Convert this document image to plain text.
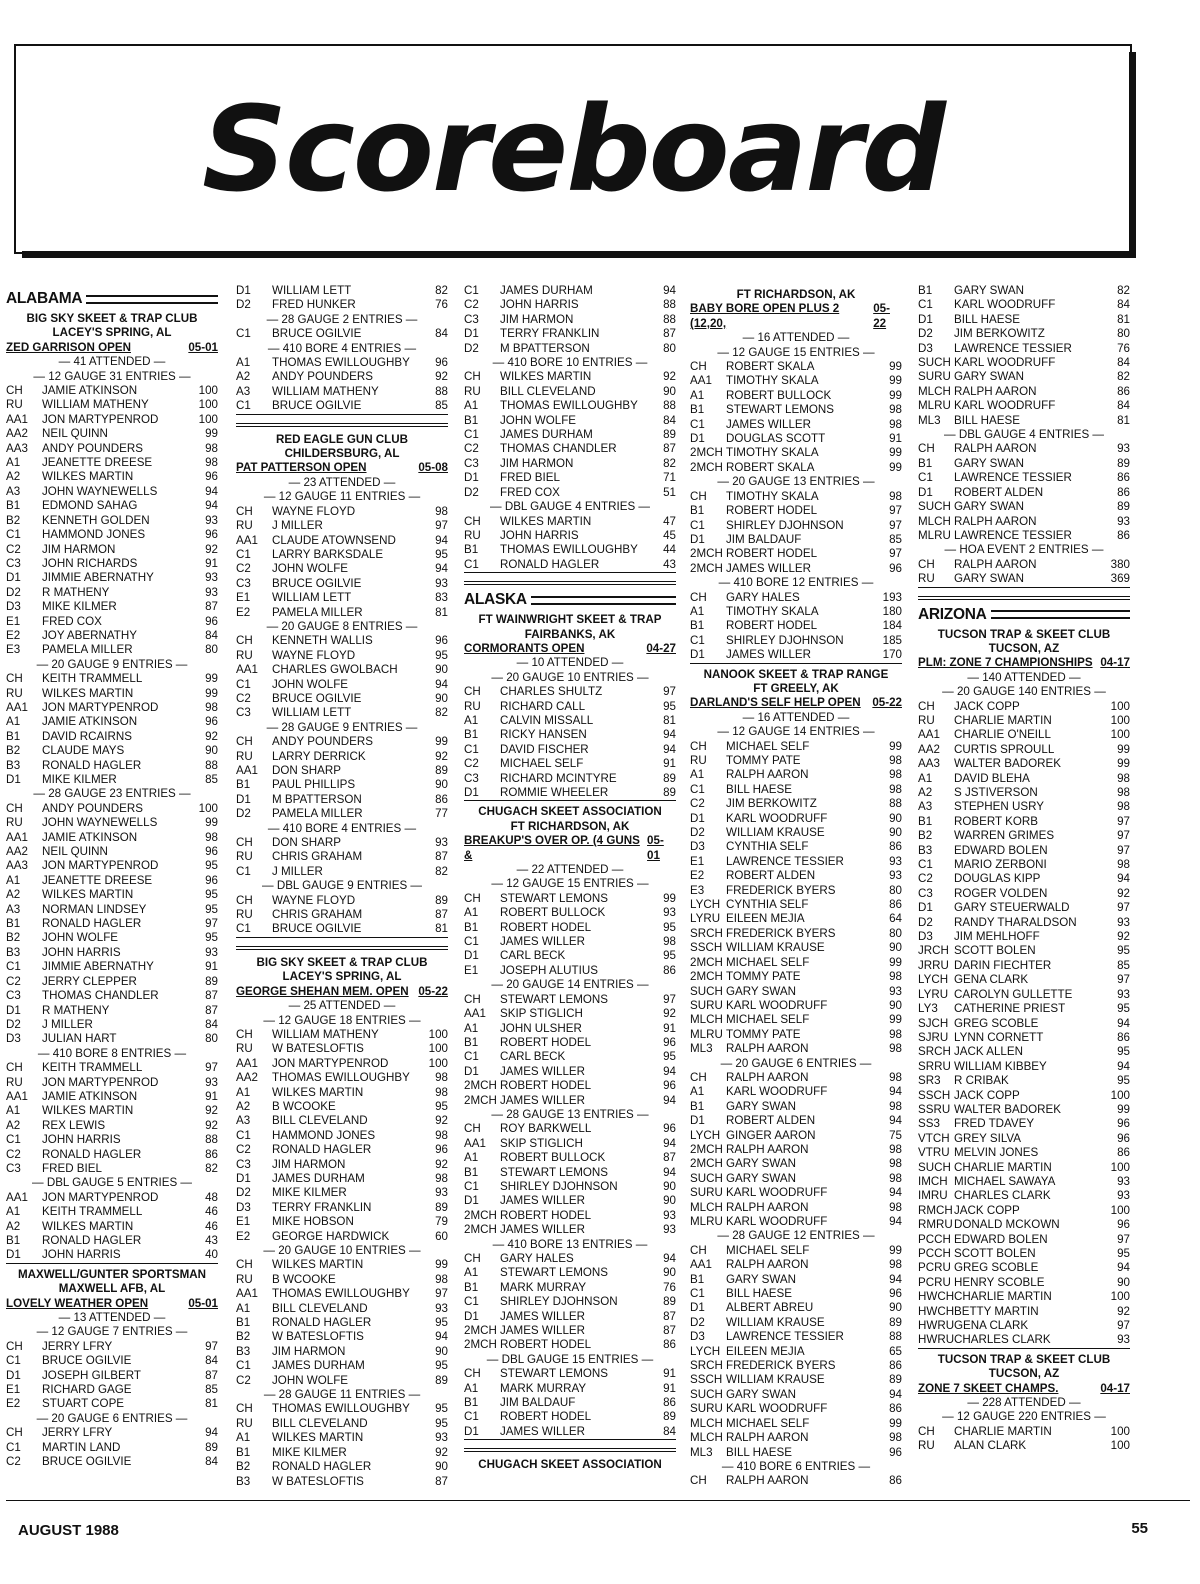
Scoreboard
ALABAMA
BIG SKY SKEET & TRAP CLUB
LACEY'S SPRING, AL
ZED GARRISON OPEN	05-01
— 41 ATTENDED —
— 12 GAUGE 31 ENTRIES —
CH	JAMIE ATKINSON	100
RU	WILLIAM MATHENY	100
AA1	JON MARTYPENROD	100
AA2	NEIL QUINN	99
AA3	ANDY POUNDERS	98
A1	JEANETTE DREESE	98
A2	WILKES MARTIN	96
A3	JOHN WAYNEWELLS	94
B1	EDMOND SAHAG	94
B2	KENNETH GOLDEN	93
C1	HAMMOND JONES	96
C2	JIM HARMON	92
C3	JOHN RICHARDS	91
D1	JIMMIE ABERNATHY	93
D2	R MATHENY	93
D3	MIKE KILMER	87
E1	FRED COX	96
E2	JOY ABERNATHY	84
E3	PAMELA MILLER	80
— 20 GAUGE 9 ENTRIES —
CH	KEITH TRAMMELL	99
RU	WILKES MARTIN	99
AA1	JON MARTYPENROD	98
A1	JAMIE ATKINSON	96
B1	DAVID RCAIRNS	92
B2	CLAUDE MAYS	90
B3	RONALD HAGLER	88
D1	MIKE KILMER	85
— 28 GAUGE 23 ENTRIES —
CH	ANDY POUNDERS	100
RU	JOHN WAYNEWELLS	99
AA1	JAMIE ATKINSON	98
AA2	NEIL QUINN	96
AA3	JON MARTYPENROD	95
A1	JEANETTE DREESE	96
A2	WILKES MARTIN	95
A3	NORMAN LINDSEY	95
B1	RONALD HAGLER	97
B2	JOHN WOLFE	95
B3	JOHN HARRIS	93
C1	JIMMIE ABERNATHY	91
C2	JERRY CLEPPER	89
C3	THOMAS CHANDLER	87
D1	R MATHENY	87
D2	J MILLER	84
D3	JULIAN HART	80
— 410 BORE 8 ENTRIES —
CH	KEITH TRAMMELL	97
RU	JON MARTYPENROD	93
AA1	JAMIE ATKINSON	91
A1	WILKES MARTIN	92
A2	REX LEWIS	92
C1	JOHN HARRIS	88
C2	RONALD HAGLER	86
C3	FRED BIEL	82
— DBL GAUGE 5 ENTRIES —
AA1	JON MARTYPENROD	48
A1	KEITH TRAMMELL	46
A2	WILKES MARTIN	46
B1	RONALD HAGLER	43
D1	JOHN HARRIS	40
MAXWELL/GUNTER SPORTSMAN
MAXWELL AFB, AL
LOVELY WEATHER OPEN	05-01
— 13 ATTENDED —
— 12 GAUGE 7 ENTRIES —
CH	JERRY LFRY	97
C1	BRUCE OGILVIE	84
D1	JOSEPH GILBERT	87
E1	RICHARD GAGE	85
E2	STUART COPE	81
— 20 GAUGE 6 ENTRIES —
CH	JERRY LFRY	94
C1	MARTIN LAND	89
C2	BRUCE OGILVIE	84
D1	WILLIAM LETT	82
D2	FRED HUNKER	76
— 28 GAUGE 2 ENTRIES —
C1	BRUCE OGILVIE	84
— 410 BORE 4 ENTRIES —
A1	THOMAS EWILLOUGHBY	96
A2	ANDY POUNDERS	92
A3	WILLIAM MATHENY	88
C1	BRUCE OGILVIE	85
RED EAGLE GUN CLUB
CHILDERSBURG, AL
PAT PATTERSON OPEN	05-08
— 23 ATTENDED —
— 12 GAUGE 11 ENTRIES —
CH	WAYNE FLOYD	98
RU	J MILLER	97
AA1	CLAUDE ATOWNSEND	94
C1	LARRY BARKSDALE	95
C2	JOHN WOLFE	94
C3	BRUCE OGILVIE	93
E1	WILLIAM LETT	83
E2	PAMELA MILLER	81
— 20 GAUGE 8 ENTRIES —
CH	KENNETH WALLIS	96
RU	WAYNE FLOYD	95
AA1	CHARLES GWOLBACH	90
C1	JOHN WOLFE	94
C2	BRUCE OGILVIE	90
C3	WILLIAM LETT	82
— 28 GAUGE 9 ENTRIES —
CH	ANDY POUNDERS	99
RU	LARRY DERRICK	92
AA1	DON SHARP	89
B1	PAUL PHILLIPS	90
D1	M BPATTERSON	86
D2	PAMELA MILLER	77
— 410 BORE 4 ENTRIES —
CH	DON SHARP	93
RU	CHRIS GRAHAM	87
C1	J MILLER	82
— DBL GAUGE 9 ENTRIES —
CH	WAYNE FLOYD	89
RU	CHRIS GRAHAM	87
C1	BRUCE OGILVIE	81
BIG SKY SKEET & TRAP CLUB
LACEY'S SPRING, AL
GEORGE SHEHAN MEM. OPEN 05-22
— 25 ATTENDED —
— 12 GAUGE 18 ENTRIES —
CH	WILLIAM MATHENY	100
RU	W BATESLOFTIS	100
AA1	JON MARTYPENROD	100
AA2	THOMAS EWILLOUGHBY	98
A1	WILKES MARTIN	98
A2	B WCOOKE	95
A3	BILL CLEVELAND	92
C1	HAMMOND JONES	98
C2	RONALD HAGLER	96
C3	JIM HARMON	92
D1	JAMES DURHAM	98
D2	MIKE KILMER	93
D3	TERRY FRANKLIN	89
E1	MIKE HOBSON	79
E2	GEORGE HARDWICK	60
— 20 GAUGE 10 ENTRIES —
CH	WILKES MARTIN	99
RU	B WCOOKE	98
AA1	THOMAS EWILLOUGHBY	97
A1	BILL CLEVELAND	93
B1	RONALD HAGLER	95
B2	W BATESLOFTIS	94
B3	JIM HARMON	90
C1	JAMES DURHAM	95
C2	JOHN WOLFE	89
— 28 GAUGE 11 ENTRIES —
CH	THOMAS EWILLOUGHBY	95
RU	BILL CLEVELAND	95
A1	WILKES MARTIN	93
B1	MIKE KILMER	92
B2	RONALD HAGLER	90
B3	W BATESLOFTIS	87
C1	JAMES DURHAM	94
C2	JOHN HARRIS	88
C3	JIM HARMON	88
D1	TERRY FRANKLIN	87
D2	M BPATTERSON	80
— 410 BORE 10 ENTRIES —
CH	WILKES MARTIN	92
RU	BILL CLEVELAND	90
A1	THOMAS EWILLOUGHBY	88
B1	JOHN WOLFE	84
C1	JAMES DURHAM	89
C2	THOMAS CHANDLER	87
C3	JIM HARMON	82
D1	FRED BIEL	71
D2	FRED COX	51
— DBL GAUGE 4 ENTRIES —
CH	WILKES MARTIN	47
RU	JOHN HARRIS	45
B1	THOMAS EWILLOUGHBY	44
C1	RONALD HAGLER	43
ALASKA
FT WAINWRIGHT SKEET & TRAP
FAIRBANKS, AK
CORMORANTS OPEN	04-27
— 10 ATTENDED —
— 20 GAUGE 10 ENTRIES —
CH	CHARLES SHULTZ	97
RU	RICHARD CALL	95
A1	CALVIN MISSALL	81
B1	RICKY HANSEN	94
C1	DAVID FISCHER	94
C2	MICHAEL SELF	91
C3	RICHARD MCINTYRE	89
D1	ROMMIE WHEELER	89
CHUGACH SKEET ASSOCIATION
FT RICHARDSON, AK
BREAKUP'S OVER OP. (4 GUNS &
05-01
— 22 ATTENDED —
— 12 GAUGE 15 ENTRIES —
CH	STEWART LEMONS	99
A1	ROBERT BULLOCK	93
B1	ROBERT HODEL	95
C1	JAMES WILLER	98
D1	CARL BECK	95
E1	JOSEPH ALUTIUS	86
— 20 GAUGE 14 ENTRIES —
CH	STEWART LEMONS	97
AA1	SKIP STIGLICH	92
A1	JOHN ULSHER	91
B1	ROBERT HODEL	96
C1	CARL BECK	95
D1	JAMES WILLER	94
2MCH ROBERT HODEL	96
2MCH JAMES WILLER	94
— 28 GAUGE 13 ENTRIES —
CH	ROY BARKWELL	96
AA1	SKIP STIGLICH	94
A1	ROBERT BULLOCK	87
B1	STEWART LEMONS	94
C1	SHIRLEY DJOHNSON	90
D1	JAMES WILLER	90
2MCH ROBERT HODEL	93
2MCH JAMES WILLER	93
— 410 BORE 13 ENTRIES —
CH	GARY HALES	94
A1	STEWART LEMONS	90
B1	MARK MURRAY	76
C1	SHIRLEY DJOHNSON	89
D1	JAMES WILLER	87
2MCH JAMES WILLER	87
2MCH ROBERT HODEL	86
— DBL GAUGE 15 ENTRIES —
CH	STEWART LEMONS	91
A1	MARK MURRAY	91
B1	JIM BALDAUF	86
C1	ROBERT HODEL	89
D1	JAMES WILLER	84
CHUGACH SKEET ASSOCIATION
FT RICHARDSON, AK
BABY BORE OPEN PLUS 2 (12,20,
05-22
— 16 ATTENDED —
— 12 GAUGE 15 ENTRIES —
CH	ROBERT SKALA	99
AA1	TIMOTHY SKALA	99
A1	ROBERT BULLOCK	99
B1	STEWART LEMONS	98
C1	JAMES WILLER	98
D1	DOUGLAS SCOTT	91
2MCH TIMOTHY SKALA	99
2MCH ROBERT SKALA	99
— 20 GAUGE 13 ENTRIES —
CH	TIMOTHY SKALA	98
B1	ROBERT HODEL	97
C1	SHIRLEY DJOHNSON	97
D1	JIM BALDAUF	85
2MCH ROBERT HODEL	97
2MCH JAMES WILLER	96
— 410 BORE 12 ENTRIES —
CH	GARY HALES	193
A1	TIMOTHY SKALA	180
B1	ROBERT HODEL	184
C1	SHIRLEY DJOHNSON	185
D1	JAMES WILLER	170
NANOOK SKEET & TRAP RANGE
FT GREELY, AK
DARLAND'S SELF HELP OPEN 05-22
— 16 ATTENDED —
— 12 GAUGE 14 ENTRIES —
CH	MICHAEL SELF	99
RU	TOMMY PATE	98
A1	RALPH AARON	98
C1	BILL HAESE	98
C2	JIM BERKOWITZ	88
D1	KARL WOODRUFF	90
D2	WILLIAM KRAUSE	90
D3	CYNTHIA SELF	86
E1	LAWRENCE TESSIER	93
E2	ROBERT ALDEN	93
E3	FREDERICK BYERS	80
LYCH CYNTHIA SELF	86
LYRU EILEEN MEJIA	64
SRCH FREDERICK BYERS	80
SSCH WILLIAM KRAUSE	90
2MCH MICHAEL SELF	99
2MCH TOMMY PATE	98
SUCH GARY SWAN	93
SURU KARL WOODRUFF	90
MLCH MICHAEL SELF	99
MLRU TOMMY PATE	98
ML3	RALPH AARON	98
— 20 GAUGE 6 ENTRIES —
CH	RALPH AARON	98
A1	KARL WOODRUFF	94
B1	GARY SWAN	98
D1	ROBERT ALDEN	94
LYCH GINGER AARON	75
2MCH RALPH AARON	98
2MCH GARY SWAN	98
SUCH GARY SWAN	98
SURU KARL WOODRUFF	94
MLCH RALPH AARON	98
MLRU KARL WOODRUFF	94
— 28 GAUGE 12 ENTRIES —
CH	MICHAEL SELF	99
AA1	RALPH AARON	98
B1	GARY SWAN	94
C1	BILL HAESE	96
D1	ALBERT ABREU	90
D2	WILLIAM KRAUSE	89
D3	LAWRENCE TESSIER	88
LYCH EILEEN MEJIA	65
SRCH FREDERICK BYERS	86
SSCH WILLIAM KRAUSE	89
SUCH GARY SWAN	94
SURU KARL WOODRUFF	86
MLCH MICHAEL SELF	99
MLCH RALPH AARON	98
ML3	BILL HAESE	96
— 410 BORE 6 ENTRIES —
CH	RALPH AARON	86
B1	GARY SWAN	82
C1	KARL WOODRUFF	84
D1	BILL HAESE	81
D2	JIM BERKOWITZ	80
D3	LAWRENCE TESSIER	76
SUCH KARL WOODRUFF	84
SURU GARY SWAN	82
MLCH RALPH AARON	86
MLRU KARL WOODRUFF	84
ML3	BILL HAESE	81
— DBL GAUGE 4 ENTRIES —
CH	RALPH AARON	93
B1	GARY SWAN	89
C1	LAWRENCE TESSIER	86
D1	ROBERT ALDEN	86
SUCH GARY SWAN	89
MLCH RALPH AARON	93
MLRU LAWRENCE TESSIER	86
— HOA EVENT 2 ENTRIES —
CH	RALPH AARON	380
RU	GARY SWAN	369
ARIZONA
TUCSON TRAP & SKEET CLUB
TUCSON, AZ
PLM: ZONE 7 CHAMPIONSHIPS 04-17
— 140 ATTENDED —
— 20 GAUGE 140 ENTRIES —
CH	JACK COPP	100
RU	CHARLIE MARTIN	100
AA1	CHARLIE O'NEILL	100
AA2	CURTIS SPROULL	99
AA3	WALTER BADOREK	99
A1	DAVID BLEHA	98
A2	S JSTIVERSON	98
A3	STEPHEN USRY	98
B1	ROBERT KORB	97
B2	WARREN GRIMES	97
B3	EDWARD BOLEN	97
C1	MARIO ZERBONI	98
C2	DOUGLAS KIPP	94
C3	ROGER VOLDEN	92
D1	GARY STEUERWALD	97
D2	RANDY THARALDSON	93
D3	JIM MEHLHOFF	92
JRCH SCOTT BOLEN	95
JRRU DARIN FIECHTER	85
LYCH GENA CLARK	97
LYRU CAROLYN GULLETTE	93
LY3	CATHERINE PRIEST	95
SJCH GREG SCOBLE	94
SJRU LYNN CORNETT	86
SRCH JACK ALLEN	95
SRRU WILLIAM KIBBEY	94
SR3	R CRIBAK	95
SSCH JACK COPP	100
SSRU WALTER BADOREK	99
SS3	FRED TDAVEY	96
VTCH GREY SILVA	96
VTRU MELVIN JONES	86
SUCH CHARLIE MARTIN	100
IMCH MICHAEL SAWAYA	93
IMRU CHARLES CLARK	93
RMCH JACK COPP	100
RMRU DONALD MCKOWN	96
PCCH EDWARD BOLEN	97
PCCH SCOTT BOLEN	95
PCRU GREG SCOBLE	94
PCRU HENRY SCOBLE	90
HWCH CHARLIE MARTIN	100
HWCH BETTY MARTIN	92
HWRU GENA CLARK	97
HWRU CHARLES CLARK	93
TUCSON TRAP & SKEET CLUB
TUCSON, AZ
ZONE 7 SKEET CHAMPS.	04-17
— 228 ATTENDED —
— 12 GAUGE 220 ENTRIES —
CH	CHARLIE MARTIN	100
RU	ALAN CLARK	100
AUGUST 1988	55
